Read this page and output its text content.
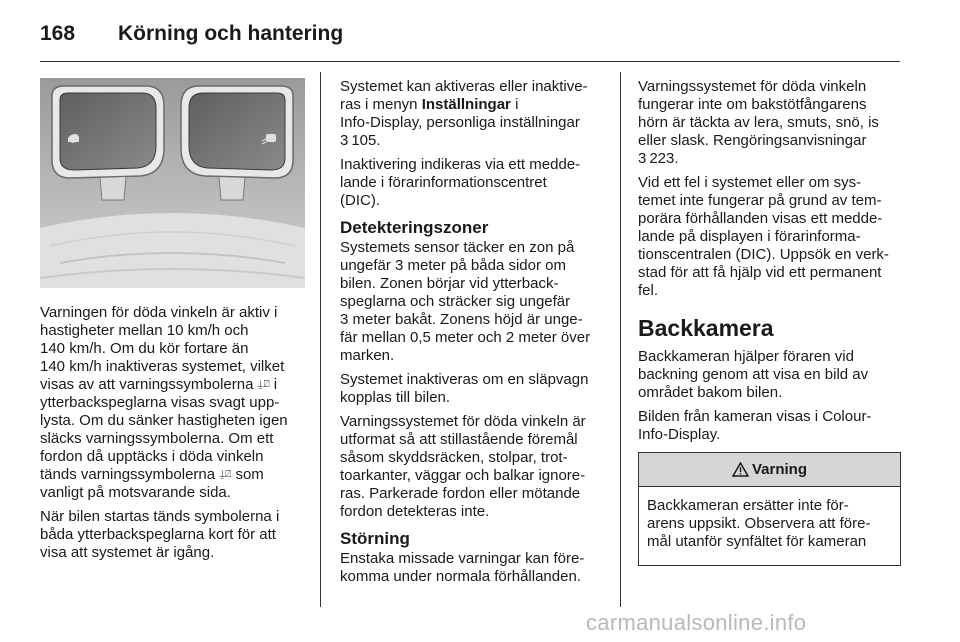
168	Körning och hantering

Varningen för döda vinkeln är aktiv i
hastigheter mellan 10 km/h och
140 km/h. Om du kör fortare än
140 km/h inaktiveras systemet, vilket
visas av att varningssymbolerna ⍊⍁ i
ytterbackspeglarna visas svagt upp‐
lysta. Om du sänker hastigheten igen
släcks varningssymbolerna. Om ett
fordon då upptäcks i döda vinkeln
tänds varningssymbolerna ⍊⍁ som
vanligt på motsvarande sida.

När bilen startas tänds symbolerna i
båda ytterbackspeglarna kort för att
visa att systemet är igång.

Systemet kan aktiveras eller inaktive‐
ras i menyn Inställningar i
Info-Display, personliga inställningar
3 105.

Inaktivering indikeras via ett medde‐
lande i förarinformationscentret
(DIC).

Detekteringszoner

Systemets sensor täcker en zon på
ungefär 3 meter på båda sidor om
bilen. Zonen börjar vid ytterback‐
speglarna och sträcker sig ungefär
3 meter bakåt. Zonens höjd är unge‐
fär mellan 0,5 meter och 2 meter över
marken.

Systemet inaktiveras om en släpvagn
kopplas till bilen.

Varningssystemet för döda vinkeln är
utformat så att stillastående föremål
såsom skyddsräcken, stolpar, trot‐
toarkanter, väggar och balkar ignore‐
ras. Parkerade fordon eller mötande
fordon detekteras inte.

Störning

Enstaka missade varningar kan före‐
komma under normala förhållanden.

Varningssystemet för döda vinkeln
fungerar inte om bakstötfångarens
hörn är täckta av lera, smuts, snö, is
eller slask. Rengöringsanvisningar
3 223.

Vid ett fel i systemet eller om sys‐
temet inte fungerar på grund av tem‐
porära förhållanden visas ett medde‐
lande på displayen i förarinforma‐
tionscentralen (DIC). Uppsök en verk‐
stad för att få hjälp vid ett permanent
fel.

Backkamera

Backkameran hjälper föraren vid
backning genom att visa en bild av
området bakom bilen.

Bilden från kameran visas i Colour-
Info-Display.

Varning
Backkameran ersätter inte för‐
arens uppsikt. Observera att före‐
mål utanför synfältet för kameran
carmanualsonline.info
